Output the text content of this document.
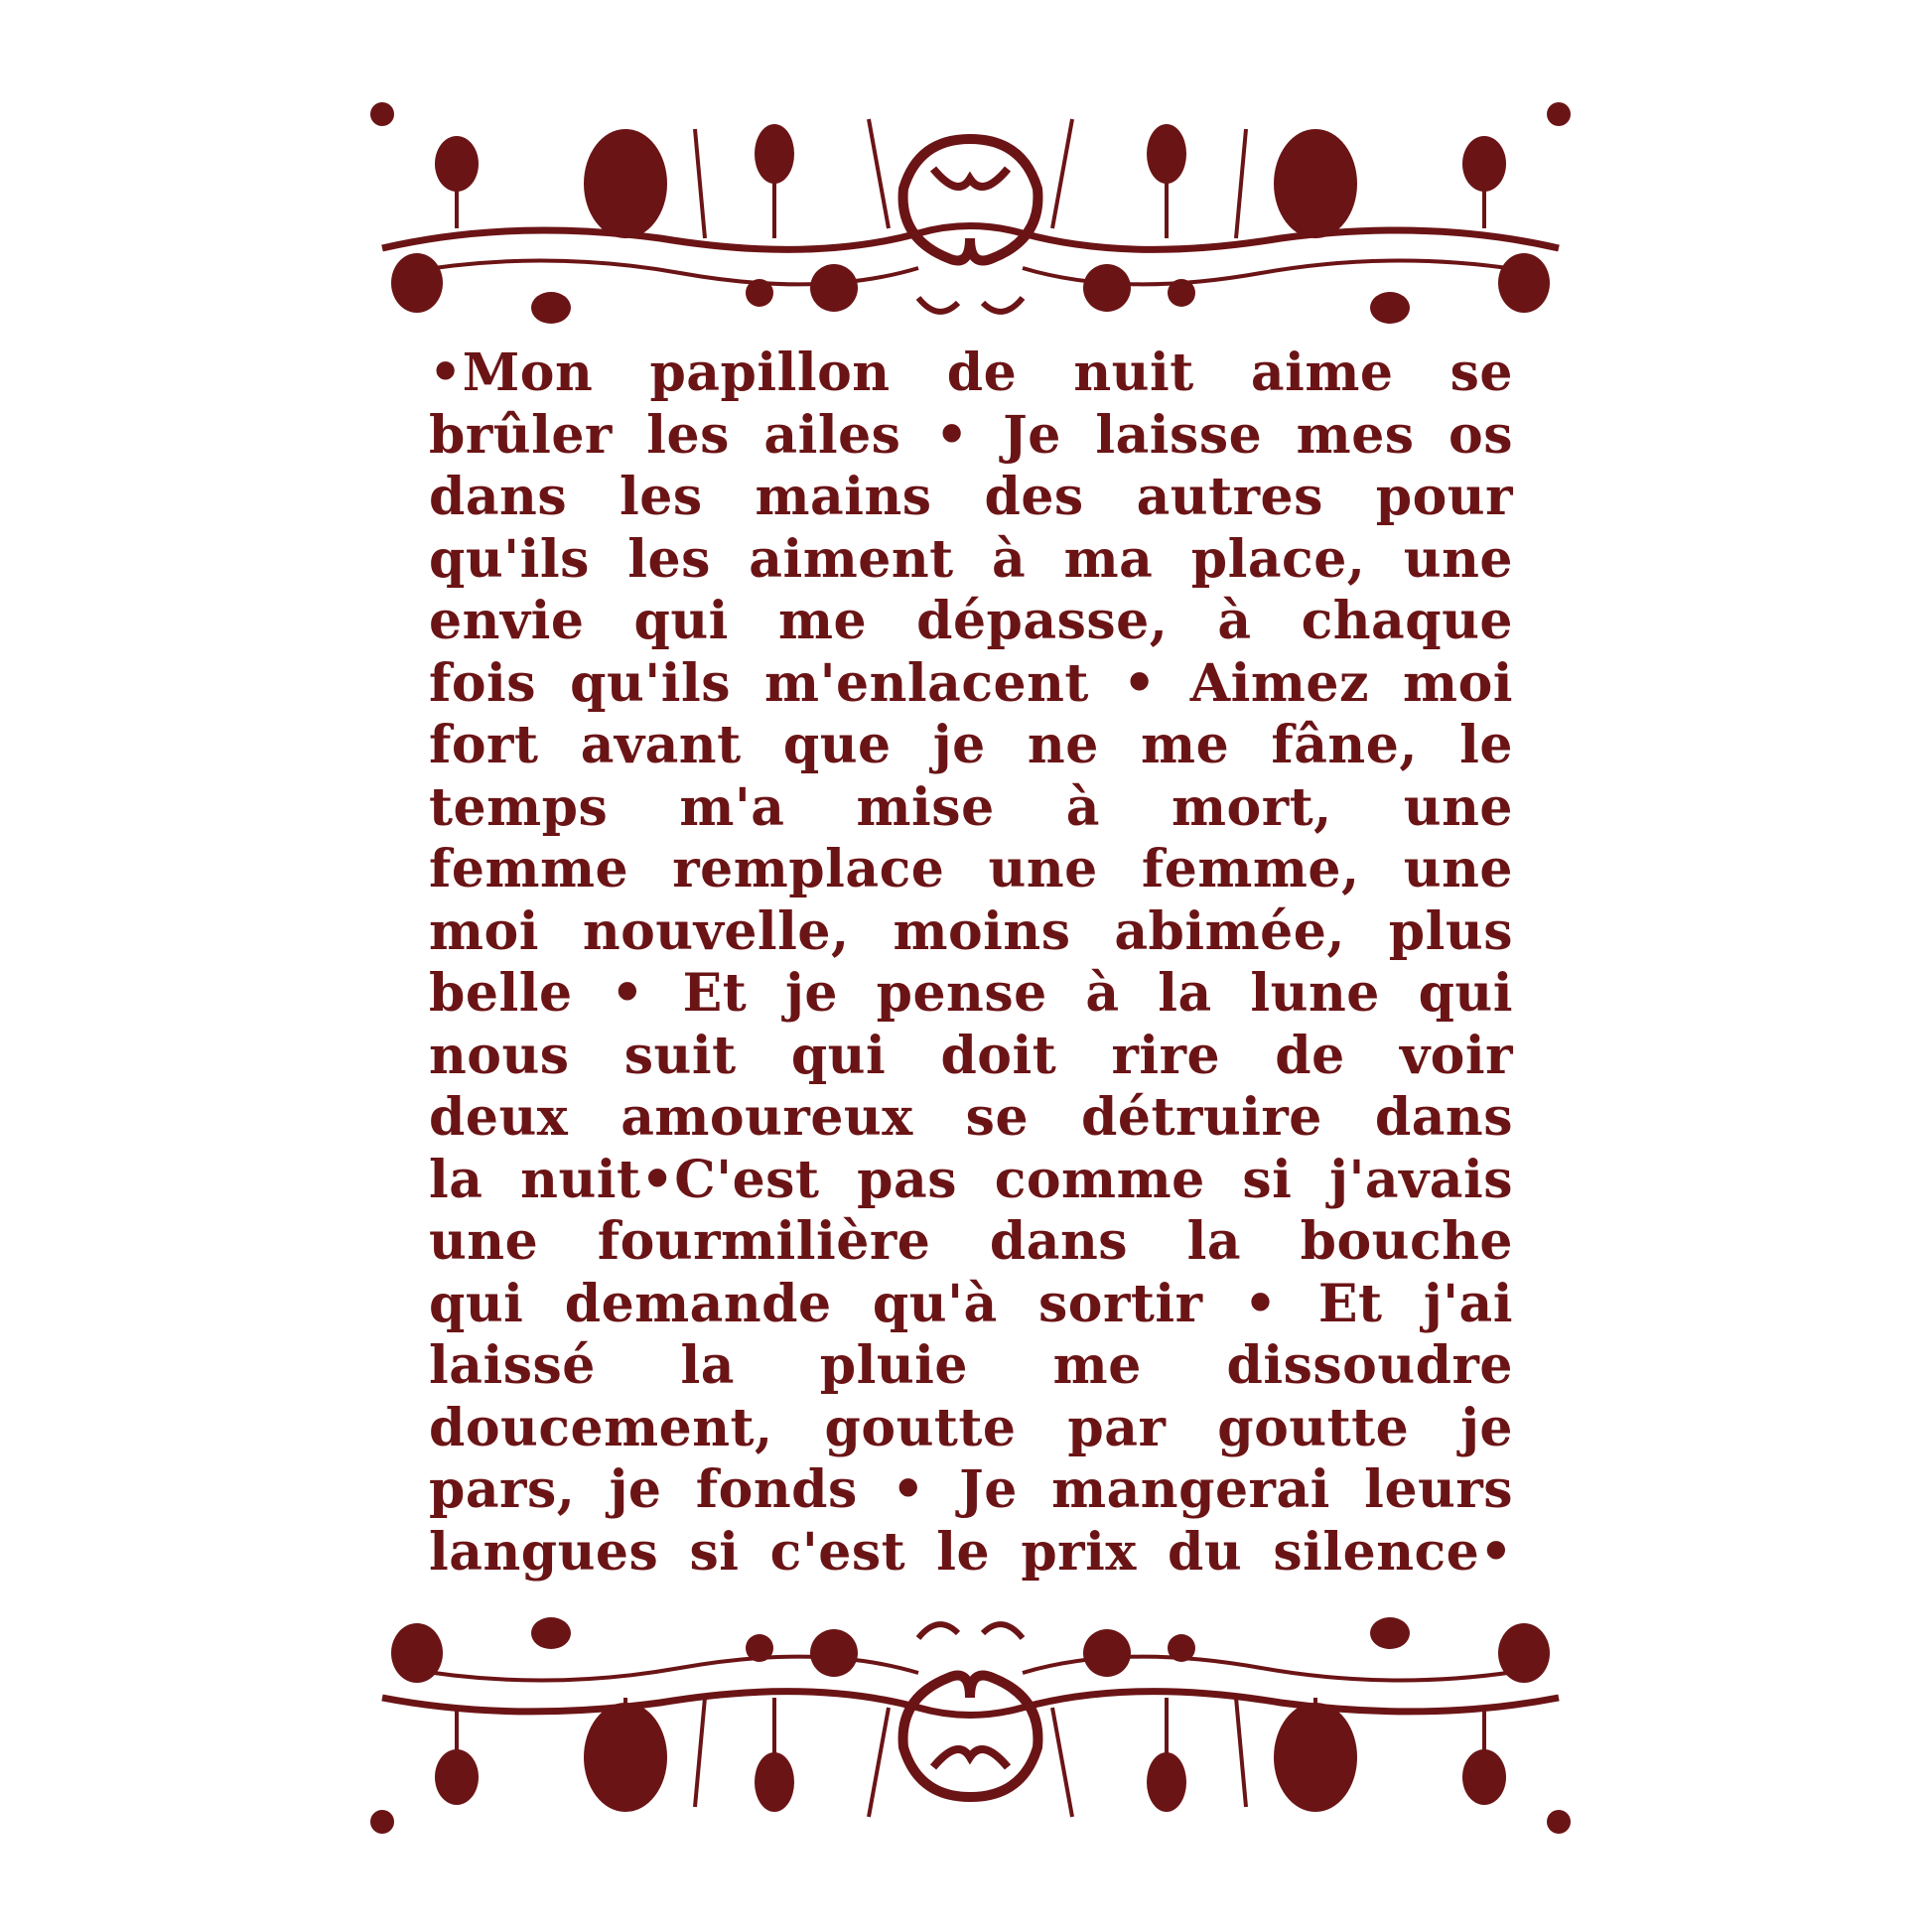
•Mon papillon de nuit aime se
brûler les ailes • Je laisse mes os
dans les mains des autres pour
qu'ils les aiment à ma place, une
envie qui me dépasse, à chaque
fois qu'ils m'enlacent • Aimez moi
fort avant que je ne me fâne, le
temps m'a mise à mort, une
femme remplace une femme, une
moi nouvelle, moins abimée, plus
belle • Et je pense à la lune qui
nous suit qui doit rire de voir
deux amoureux se détruire dans
la nuit•C'est pas comme si j'avais
une fourmilière dans la bouche
qui demande qu'à sortir • Et j'ai
laissé la pluie me dissoudre
doucement, goutte par goutte je
pars, je fonds • Je mangerai leurs
langues si c'est le prix du silence•
